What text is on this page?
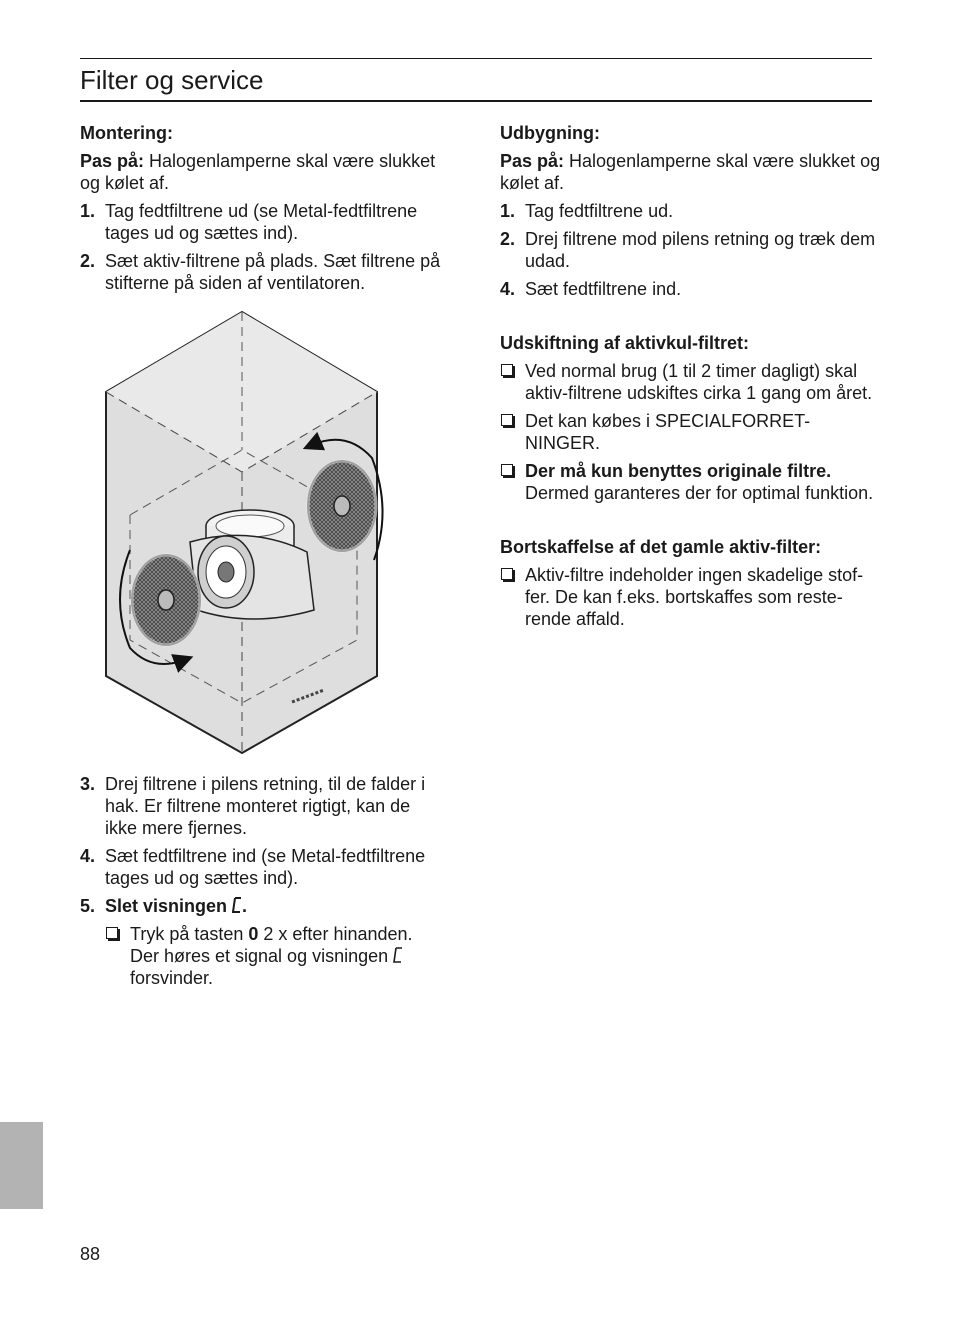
Filter og service
Montering:
Pas på: Halogenlamperne skal være slukket og kølet af.
1. Tag fedtfiltrene ud (se Metal-fedtfiltrene tages ud og sættes ind).
2. Sæt aktiv-filtrene på plads. Sæt filtrene på stifterne på siden af ventilatoren.
3. Drej filtrene i pilens retning, til de falder i hak. Er filtrene monteret rigtigt, kan de ikke mere fjernes.
4. Sæt fedtfiltrene ind (se Metal-fedtfiltrene tages ud og sættes ind).
5. Slet visningen .
Tryk på tasten 0 2 x efter hinanden. Der høres et signal og visningen  forsvinder.
Udbygning:
Pas på: Halogenlamperne skal være slukket og kølet af.
1. Tag fedtfiltrene ud.
2. Drej filtrene mod pilens retning og træk dem udad.
4. Sæt fedtfiltrene ind.
Udskiftning af aktivkul-filtret:
Ved normal brug (1 til 2 timer dagligt) skal aktiv-filtrene udskiftes cirka 1 gang om året.
Det kan købes i SPECIALFORRET-NINGER.
Der må kun benyttes originale filtre. Dermed garanteres der for optimal funktion.
Bortskaffelse af det gamle aktiv-filter:
Aktiv-filtre indeholder ingen skadelige stof-fer. De kan f.eks. bortskaffes som reste-rende affald.
88
